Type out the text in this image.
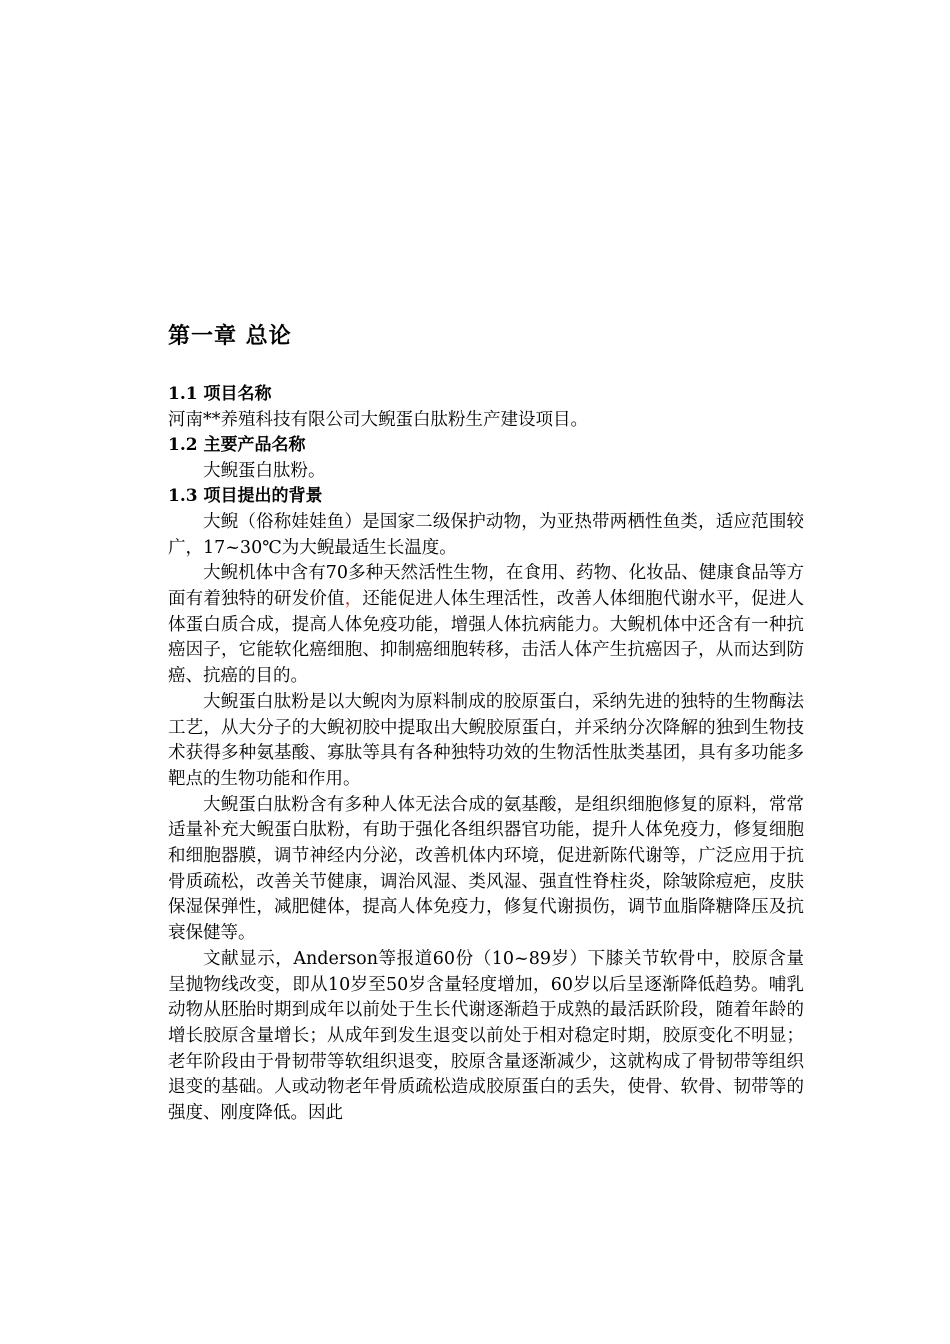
第一章 总论
1.1 项目名称

河南**养殖科技有限公司大鲵蛋白肽粉生产建设项目。

1.2 主要产品名称

大鲵蛋白肽粉。

1.3 项目提出的背景

大鲵（俗称娃娃鱼）是国家二级保护动物，为亚热带两栖性鱼类，适应范围较广，17~30℃为大鲵最适生长温度。

大鲵机体中含有70多种天然活性生物，在食用、药物、化妆品、健康食品等方面有着独特的研发价值，还能促进人体生理活性，改善人体细胞代谢水平，促进人体蛋白质合成，提高人体免疫功能，增强人体抗病能力。大鲵机体中还含有一种抗癌因子，它能软化癌细胞、抑制癌细胞转移，击活人体产生抗癌因子，从而达到防癌、抗癌的目的。

大鲵蛋白肽粉是以大鲵肉为原料制成的胶原蛋白，采纳先进的独特的生物酶法工艺，从大分子的大鲵初胶中提取出大鲵胶原蛋白，并采纳分次降解的独到生物技术获得多种氨基酸、寡肽等具有各种独特功效的生物活性肽类基团，具有多功能多靶点的生物功能和作用。

大鲵蛋白肽粉含有多种人体无法合成的氨基酸，是组织细胞修复的原料，常常适量补充大鲵蛋白肽粉，有助于强化各组织器官功能，提升人体免疫力，修复细胞和细胞器膜，调节神经内分泌，改善机体内环境，促进新陈代谢等，广泛应用于抗骨质疏松，改善关节健康，调治风湿、类风湿、强直性脊柱炎，除皱除痘疤，皮肤保湿保弹性，减肥健体，提高人体免疫力，修复代谢损伤，调节血脂降糖降压及抗衰保健等。

文献显示，Anderson等报道60份（10~89岁）下膝关节软骨中，胶原含量呈抛物线改变，即从10岁至50岁含量轻度增加，60岁以后呈逐渐降低趋势。哺乳动物从胚胎时期到成年以前处于生长代谢逐渐趋于成熟的最活跃阶段，随着年龄的增长胶原含量增长；从成年到发生退变以前处于相对稳定时期，胶原变化不明显；老年阶段由于骨韧带等软组织退变，胶原含量逐渐减少，这就构成了骨韧带等组织退变的基础。人或动物老年骨质疏松造成胶原蛋白的丢失，使骨、软骨、韧带等的强度、刚度降低。因此
